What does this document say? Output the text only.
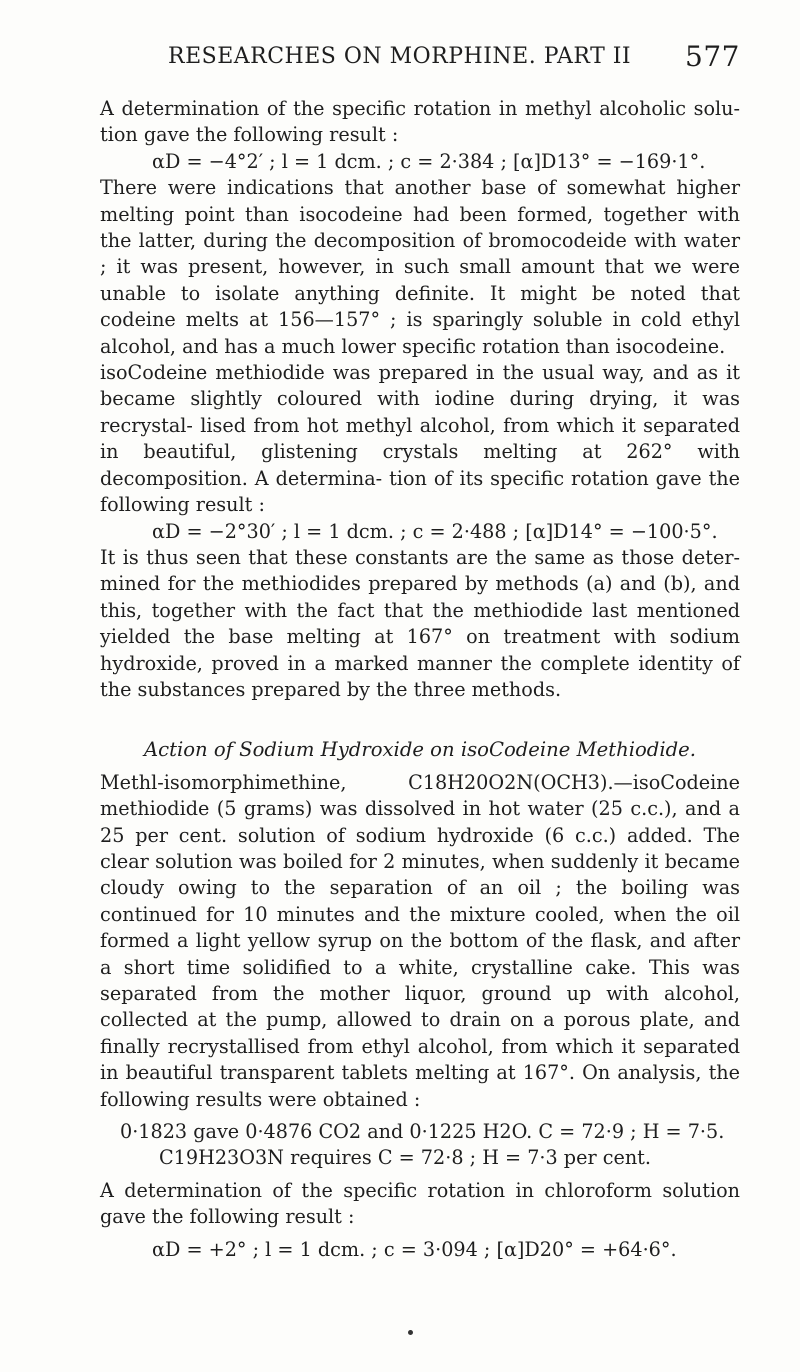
RESEARCHES ON MORPHINE. PART II 577

A determination of the specific rotation in methyl alcoholic solu- tion gave the following result :

αD = −4°2′ ; l = 1 dcm. ; c = 2·384 ; [α]D13° = −169·1°.

There were indications that another base of somewhat higher melting point than isocodeine had been formed, together with the latter, during the decomposition of bromocodeide with water ; it was present, however, in such small amount that we were unable to isolate anything definite. It might be noted that codeine melts at 156—157° ; is sparingly soluble in cold ethyl alcohol, and has a much lower specific rotation than isocodeine.

isoCodeine methiodide was prepared in the usual way, and as it became slightly coloured with iodine during drying, it was recrystal- lised from hot methyl alcohol, from which it separated in beautiful, glistening crystals melting at 262° with decomposition. A determina- tion of its specific rotation gave the following result :

αD = −2°30′ ; l = 1 dcm. ; c = 2·488 ; [α]D14° = −100·5°.

It is thus seen that these constants are the same as those deter- mined for the methiodides prepared by methods (a) and (b), and this, together with the fact that the methiodide last mentioned yielded the base melting at 167° on treatment with sodium hydroxide, proved in a marked manner the complete identity of the substances prepared by the three methods.

Action of Sodium Hydroxide on isoCodeine Methiodide.

Methl-isomorphimethine, C18H20O2N(OCH3).—isoCodeine methiodide (5 grams) was dissolved in hot water (25 c.c.), and a 25 per cent. solution of sodium hydroxide (6 c.c.) added. The clear solution was boiled for 2 minutes, when suddenly it became cloudy owing to the separation of an oil ; the boiling was continued for 10 minutes and the mixture cooled, when the oil formed a light yellow syrup on the bottom of the flask, and after a short time solidified to a white, crystalline cake. This was separated from the mother liquor, ground up with alcohol, collected at the pump, allowed to drain on a porous plate, and finally recrystallised from ethyl alcohol, from which it separated in beautiful transparent tablets melting at 167°. On analysis, the following results were obtained :

0·1823 gave 0·4876 CO2 and 0·1225 H2O. C = 72·9 ; H = 7·5.

C19H23O3N requires C = 72·8 ; H = 7·3 per cent.

A determination of the specific rotation in chloroform solution gave the following result :

αD = +2° ; l = 1 dcm. ; c = 3·094 ; [α]D20° = +64·6°.
